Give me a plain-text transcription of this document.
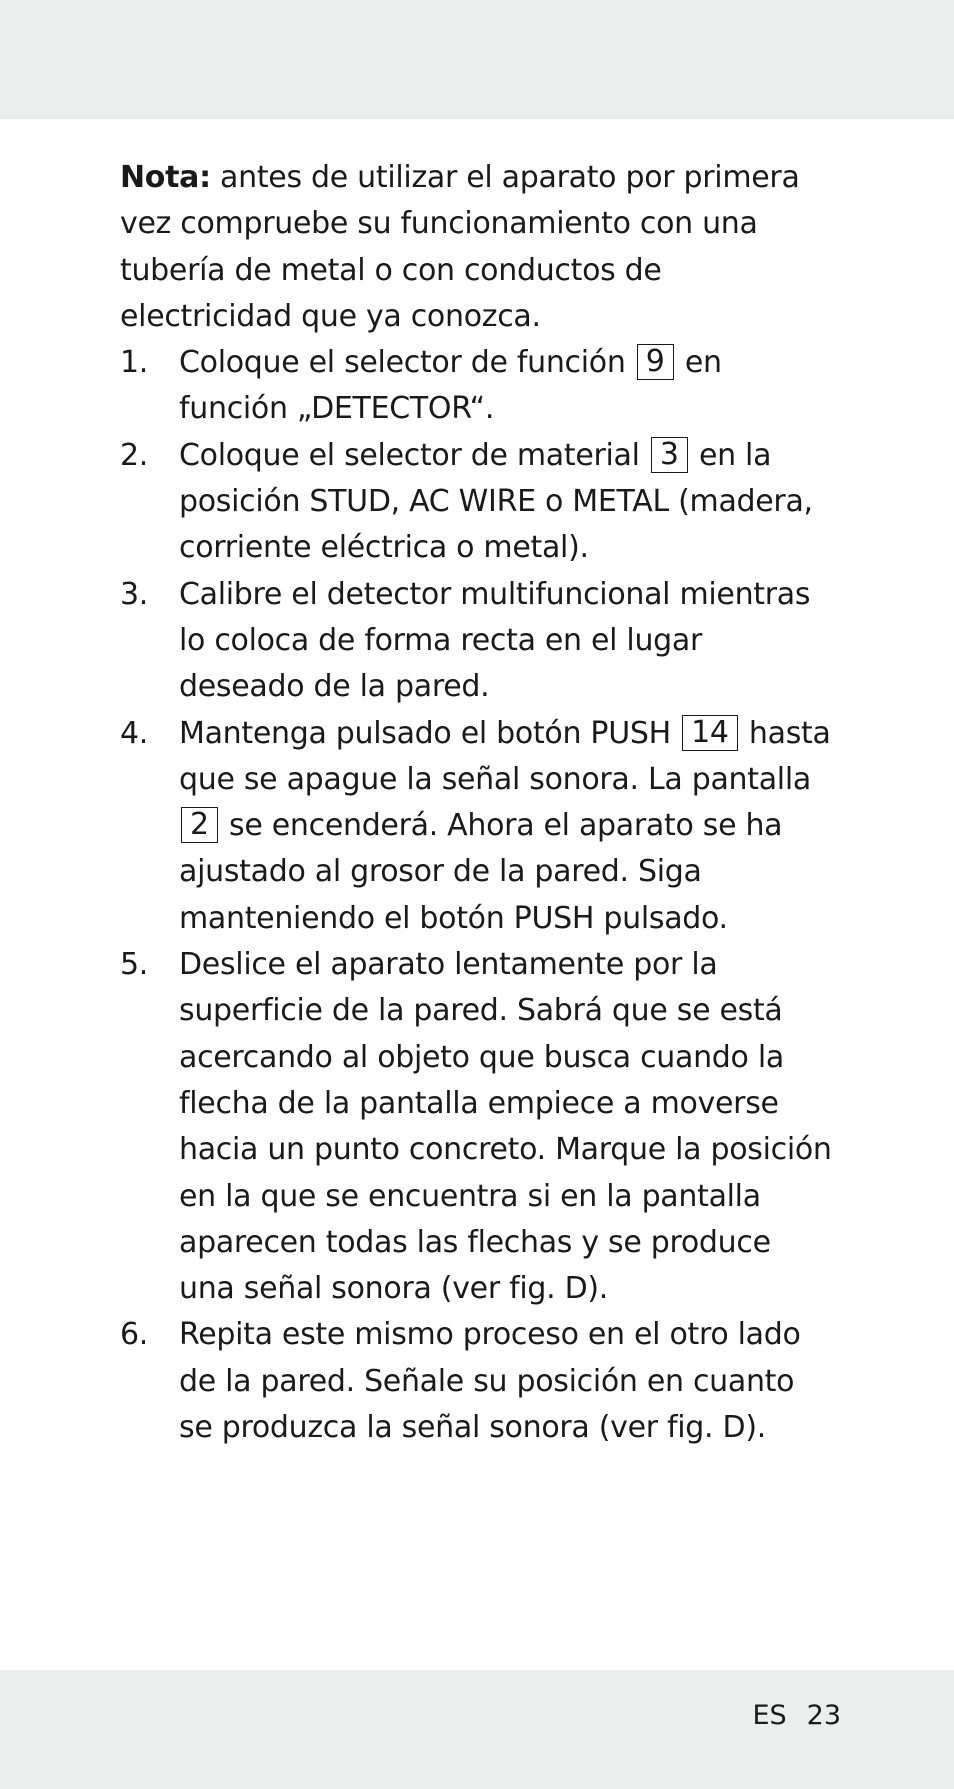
Nota: antes de utilizar el aparato por primera vez compruebe su funcionamiento con una tubería de metal o con conductos de electricidad que ya conozca.

1. Coloque el selector de función 9 en función „DETECTOR“.
2. Coloque el selector de material 3 en la posición STUD, AC WIRE o METAL (madera, corriente eléctrica o metal).
3. Calibre el detector multifuncional mientras lo coloca de forma recta en el lugar deseado de la pared.
4. Mantenga pulsado el botón PUSH 14 hasta que se apague la señal sonora. La pantalla 2 se encenderá. Ahora el aparato se ha ajustado al grosor de la pared. Siga manteniendo el botón PUSH pulsado.
5. Deslice el aparato lentamente por la superficie de la pared. Sabrá que se está acercando al objeto que busca cuando la flecha de la pantalla empiece a moverse hacia un punto concreto. Marque la posición en la que se encuentra si en la pantalla aparecen todas las flechas y se produce una señal sonora (ver fig. D).
6. Repita este mismo proceso en el otro lado de la pared. Señale su posición en cuanto se produzca la señal sonora (ver fig. D).
ES 23
